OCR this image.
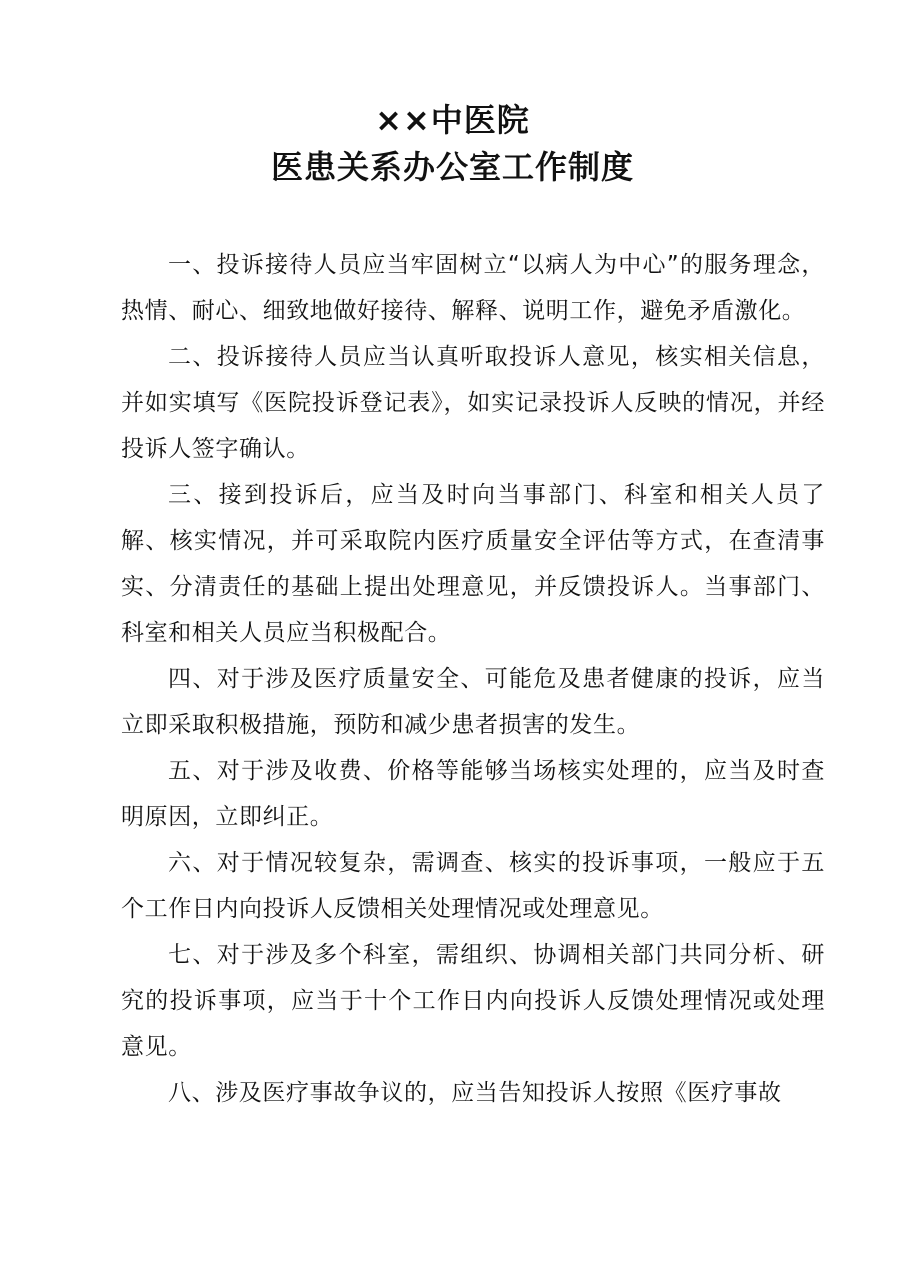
××中医院
医患关系办公室工作制度

一、投诉接待人员应当牢固树立“以病人为中心”的服务理念，热情、耐心、细致地做好接待、解释、说明工作，避免矛盾激化。

二、投诉接待人员应当认真听取投诉人意见，核实相关信息，并如实填写《医院投诉登记表》，如实记录投诉人反映的情况，并经投诉人签字确认。

三、接到投诉后，应当及时向当事部门、科室和相关人员了解、核实情况，并可采取院内医疗质量安全评估等方式，在查清事实、分清责任的基础上提出处理意见，并反馈投诉人。当事部门、科室和相关人员应当积极配合。

四、对于涉及医疗质量安全、可能危及患者健康的投诉，应当立即采取积极措施，预防和减少患者损害的发生。

五、对于涉及收费、价格等能够当场核实处理的，应当及时查明原因，立即纠正。

六、对于情况较复杂，需调查、核实的投诉事项，一般应于五个工作日内向投诉人反馈相关处理情况或处理意见。

七、对于涉及多个科室，需组织、协调相关部门共同分析、研究的投诉事项，应当于十个工作日内向投诉人反馈处理情况或处理意见。

八、涉及医疗事故争议的，应当告知投诉人按照《医疗事故
